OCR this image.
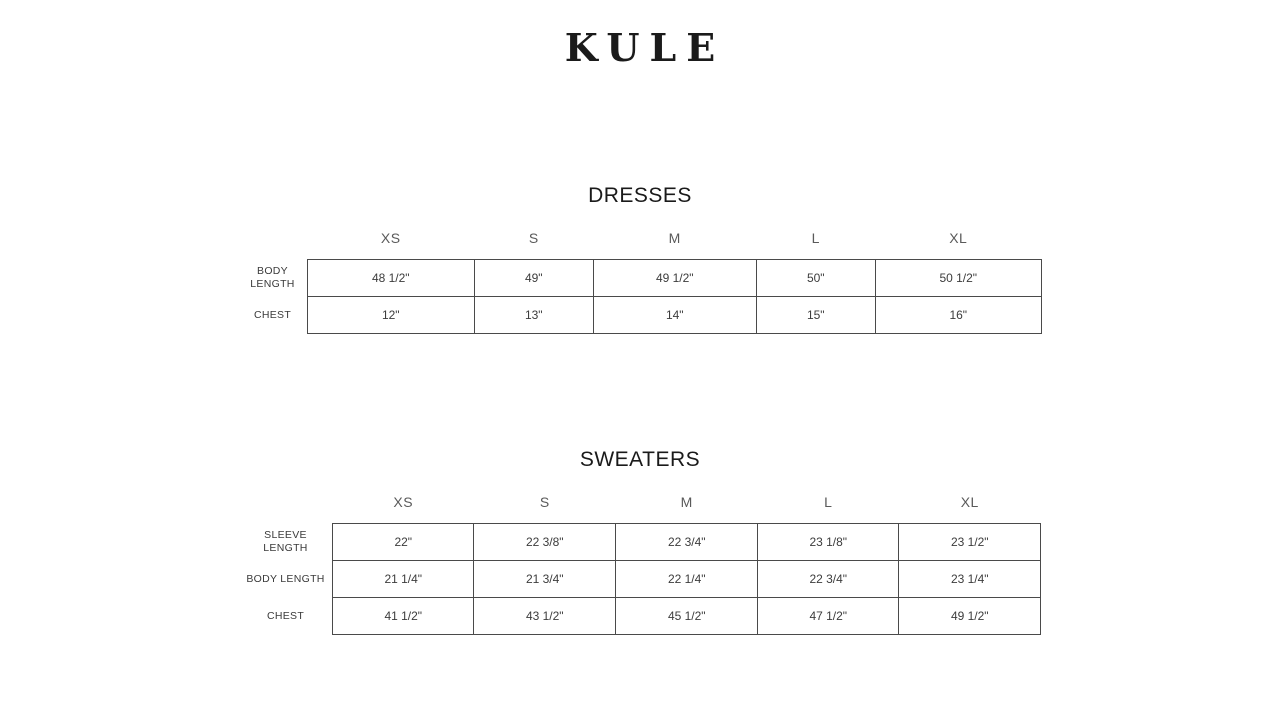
KULE
DRESSES
	XS	S	M	L	XL
BODY LENGTH	48 1/2"	49"	49 1/2"	50"	50 1/2"
CHEST	12"	13"	14"	15"	16"
SWEATERS
	XS	S	M	L	XL
SLEEVE LENGTH	22"	22 3/8"	22 3/4"	23 1/8"	23 1/2"
BODY LENGTH	21 1/4"	21 3/4"	22 1/4"	22 3/4"	23 1/4"
CHEST	41 1/2"	43 1/2"	45 1/2"	47 1/2"	49 1/2"
